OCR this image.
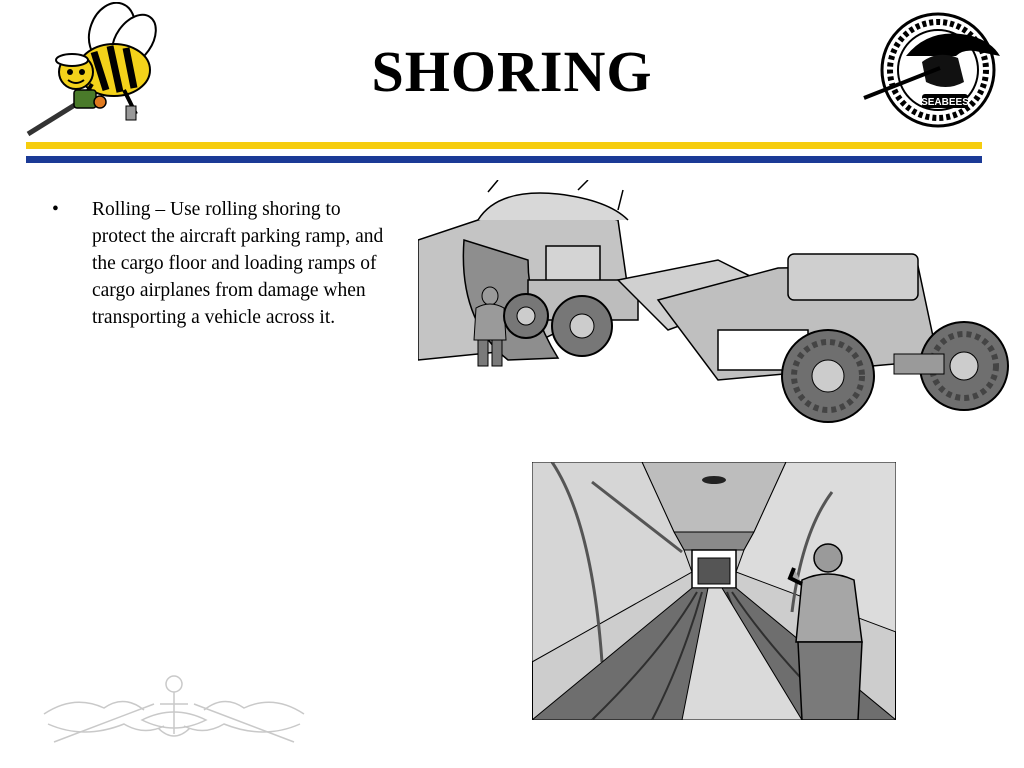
SEABEES
SHORING
• Rolling – Use rolling shoring to protect the aircraft parking ramp, and the cargo floor and loading ramps of cargo airplanes from damage when transporting a vehicle across it.
